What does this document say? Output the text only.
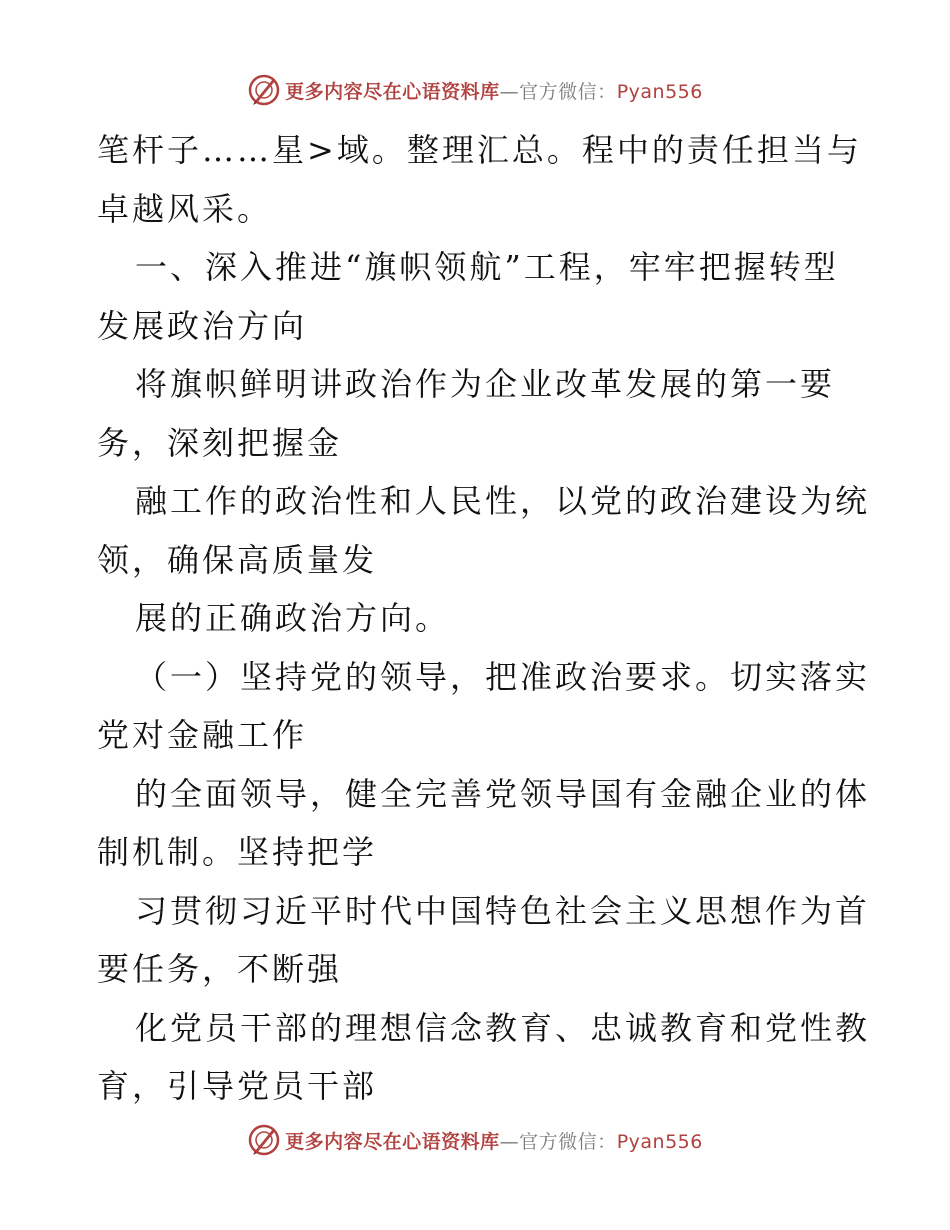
更多内容尽在心语资料库—官方微信：Pyan556

笔杆子……星>域。整理汇总。程中的责任担当与

卓越风采。

一、深入推进“旗帜领航”工程，牢牢把握转型

发展政治方向

将旗帜鲜明讲政治作为企业改革发展的第一要

务，深刻把握金

融工作的政治性和人民性，以党的政治建设为统

领，确保高质量发

展的正确政治方向。

（一）坚持党的领导，把准政治要求。切实落实

党对金融工作

的全面领导，健全完善党领导国有金融企业的体

制机制。坚持把学

习贯彻习近平时代中国特色社会主义思想作为首

要任务，不断强

化党员干部的理想信念教育、忠诚教育和党性教

育，引导党员干部

更多内容尽在心语资料库—官方微信：Pyan556
